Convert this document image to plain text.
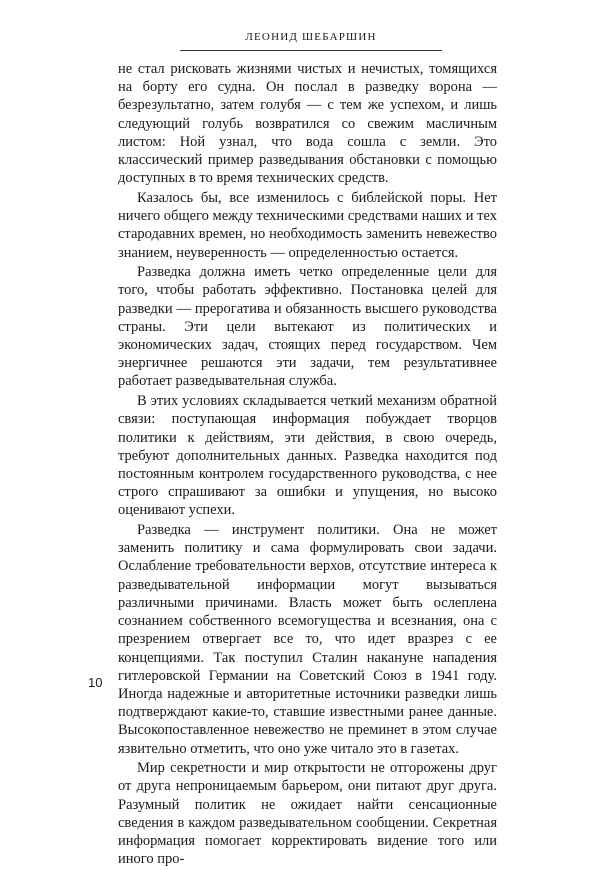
ЛЕОНИД ШЕБАРШИН

не стал рисковать жизнями чистых и нечистых, томящихся на борту его судна. Он послал в разведку ворона — безрезультатно, затем голубя — с тем же успехом, и лишь следующий голубь возвратился со свежим масличным листом: Ной узнал, что вода сошла с земли. Это классический пример разведывания обстановки с помощью доступных в то время технических средств.

Казалось бы, все изменилось с библейской поры. Нет ничего общего между техническими средствами наших и тех стародавних времен, но необходимость заменить невежество знанием, неуверенность — определенностью остается.

Разведка должна иметь четко определенные цели для того, чтобы работать эффективно. Постановка целей для разведки — прерогатива и обязанность высшего руководства страны. Эти цели вытекают из политических и экономических задач, стоящих перед государством. Чем энергичнее решаются эти задачи, тем результативнее работает разведывательная служба.

В этих условиях складывается четкий механизм обратной связи: поступающая информация побуждает творцов политики к действиям, эти действия, в свою очередь, требуют дополнительных данных. Разведка находится под постоянным контролем государственного руководства, с нее строго спрашивают за ошибки и упущения, но высоко оценивают успехи.

Разведка — инструмент политики. Она не может заменить политику и сама формулировать свои задачи. Ослабление требовательности верхов, отсутствие интереса к разведывательной информации могут вызываться различными причинами. Власть может быть ослеплена сознанием собственного всемогущества и всезнания, она с презрением отвергает все то, что идет вразрез с ее концепциями. Так поступил Сталин накануне нападения гитлеровской Германии на Советский Союз в 1941 году. Иногда надежные и авторитетные источники разведки лишь подтверждают какие-то, ставшие известными ранее данные. Высокопоставленное невежество не преминет в этом случае язвительно отметить, что оно уже читало это в газетах.

Мир секретности и мир открытости не отгорожены друг от друга непроницаемым барьером, они питают друг друга. Разумный политик не ожидает найти сенсационные сведения в каждом разведывательном сообщении. Секретная информация помогает корректировать видение того или иного про-

10
